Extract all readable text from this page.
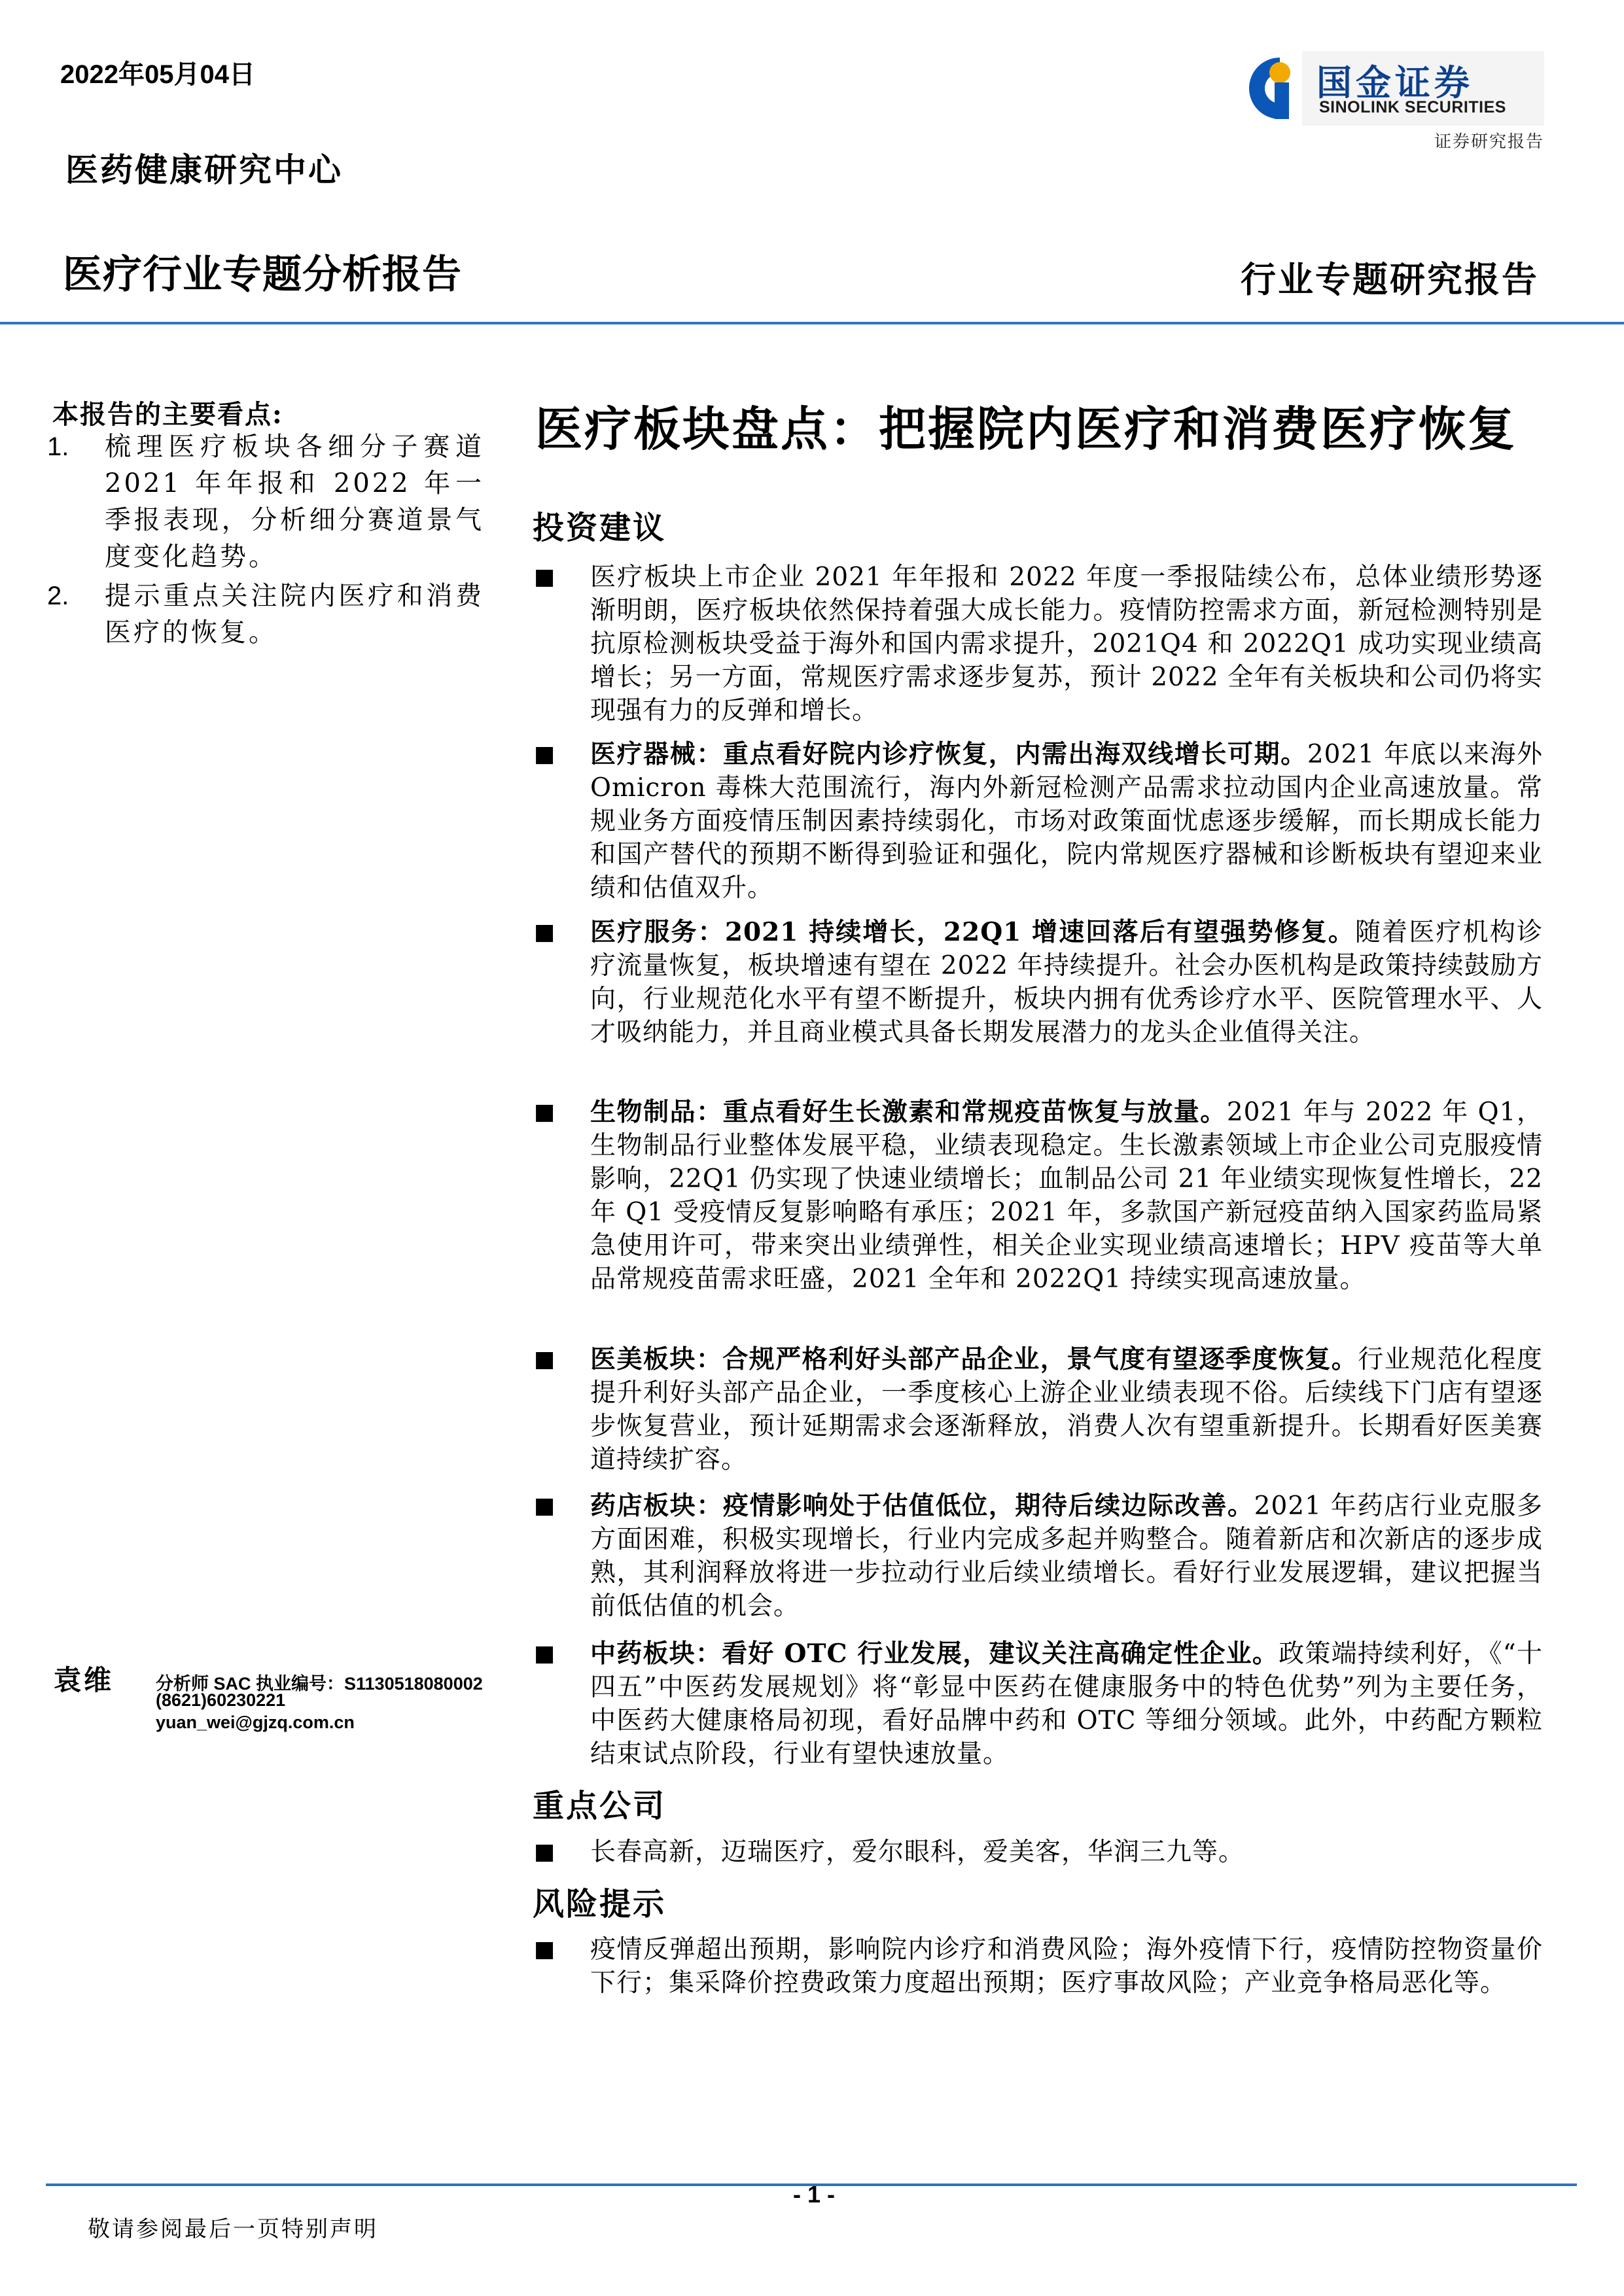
2022年05月04日
医药健康研究中心
医疗行业专题分析报告	行业专题研究报告
国金证券
SINOLINK SECURITIES
证券研究报告
本报告的主要看点:
1.	梳理医疗板块各细分子赛道 2021 年年报和 2022 年一季报表现，分析细分赛道景气度变化趋势。
2.	提示重点关注院内医疗和消费医疗的恢复。
袁维 分析师 SAC 执业编号：S1130518080002
(8621)60230221
yuan_wei@gjzq.com.cn
医疗板块盘点：把握院内医疗和消费医疗恢复
投资建议
■ 医疗板块上市企业 2021 年年报和 2022 年度一季报陆续公布，总体业绩形势逐渐明朗，医疗板块依然保持着强大成长能力。疫情防控需求方面，新冠检测特别是抗原检测板块受益于海外和国内需求提升，2021Q4 和 2022Q1 成功实现业绩高增长；另一方面，常规医疗需求逐步复苏，预计 2022 全年有关板块和公司仍将实现强有力的反弹和增长。
■ 医疗器械：重点看好院内诊疗恢复，内需出海双线增长可期。2021 年底以来海外 Omicron 毒株大范围流行，海内外新冠检测产品需求拉动国内企业高速放量。常规业务方面疫情压制因素持续弱化，市场对政策面忧虑逐步缓解，而长期成长能力和国产替代的预期不断得到验证和强化，院内常规医疗器械和诊断板块有望迎来业绩和估值双升。
■ 医疗服务：2021 持续增长，22Q1 增速回落后有望强势修复。随着医疗机构诊疗流量恢复，板块增速有望在 2022 年持续提升。社会办医机构是政策持续鼓励方向，行业规范化水平有望不断提升，板块内拥有优秀诊疗水平、医院管理水平、人才吸纳能力，并且商业模式具备长期发展潜力的龙头企业值得关注。
■ 生物制品：重点看好生长激素和常规疫苗恢复与放量。2021 年与 2022 年 Q1，生物制品行业整体发展平稳，业绩表现稳定。生长激素领域上市企业公司克服疫情影响，22Q1 仍实现了快速业绩增长；血制品公司 21 年业绩实现恢复性增长，22 年 Q1 受疫情反复影响略有承压；2021 年，多款国产新冠疫苗纳入国家药监局紧急使用许可，带来突出业绩弹性，相关企业实现业绩高速增长；HPV 疫苗等大单品常规疫苗需求旺盛，2021 全年和 2022Q1 持续实现高速放量。
■ 医美板块：合规严格利好头部产品企业，景气度有望逐季度恢复。行业规范化程度提升利好头部产品企业，一季度核心上游企业业绩表现不俗。后续线下门店有望逐步恢复营业，预计延期需求会逐渐释放，消费人次有望重新提升。长期看好医美赛道持续扩容。
■ 药店板块：疫情影响处于估值低位，期待后续边际改善。2021 年药店行业克服多方面困难，积极实现增长，行业内完成多起并购整合。随着新店和次新店的逐步成熟，其利润释放将进一步拉动行业后续业绩增长。看好行业发展逻辑，建议把握当前低估值的机会。
■ 中药板块：看好 OTC 行业发展，建议关注高确定性企业。政策端持续利好，《“十四五”中医药发展规划》将“彰显中医药在健康服务中的特色优势”列为主要任务，中医药大健康格局初现，看好品牌中药和 OTC 等细分领域。此外，中药配方颗粒结束试点阶段，行业有望快速放量。
重点公司
■ 长春高新，迈瑞医疗，爱尔眼科，爱美客，华润三九等。
风险提示
■ 疫情反弹超出预期，影响院内诊疗和消费风险；海外疫情下行，疫情防控物资量价下行；集采降价控费政策力度超出预期；医疗事故风险；产业竞争格局恶化等。
- 1 -
敬请参阅最后一页特别声明
